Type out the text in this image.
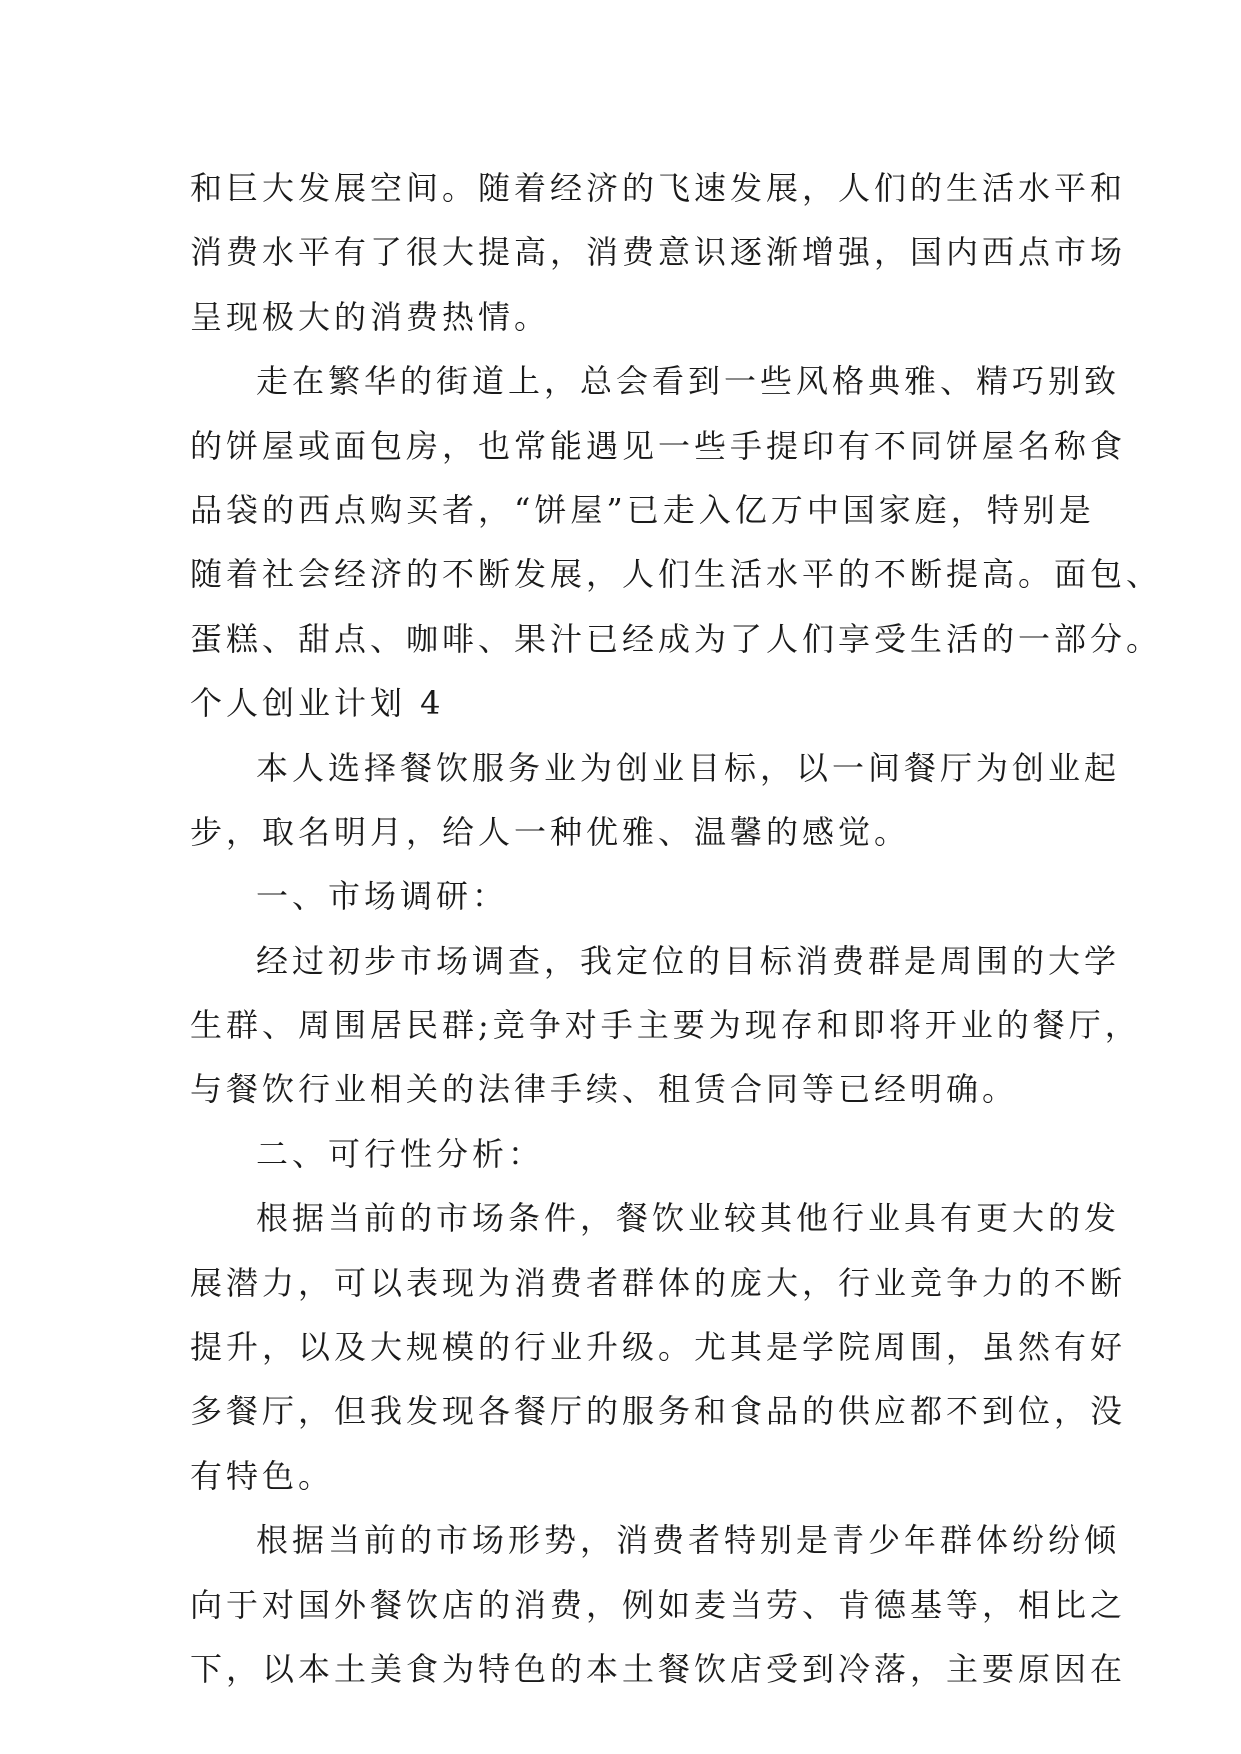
和巨大发展空间。随着经济的飞速发展，人们的生活水平和
消费水平有了很大提高，消费意识逐渐增强，国内西点市场
呈现极大的消费热情。
走在繁华的街道上，总会看到一些风格典雅、精巧别致
的饼屋或面包房，也常能遇见一些手提印有不同饼屋名称食
品袋的西点购买者，“饼屋”已走入亿万中国家庭，特别是
随着社会经济的不断发展，人们生活水平的不断提高。面包、
蛋糕、甜点、咖啡、果汁已经成为了人们享受生活的一部分。
个人创业计划 4
本人选择餐饮服务业为创业目标，以一间餐厅为创业起
步，取名明月，给人一种优雅、温馨的感觉。
一、市场调研：
经过初步市场调查，我定位的目标消费群是周围的大学
生群、周围居民群;竞争对手主要为现存和即将开业的餐厅，
与餐饮行业相关的法律手续、租赁合同等已经明确。
二、可行性分析：
根据当前的市场条件，餐饮业较其他行业具有更大的发
展潜力，可以表现为消费者群体的庞大，行业竞争力的不断
提升，以及大规模的行业升级。尤其是学院周围，虽然有好
多餐厅，但我发现各餐厅的服务和食品的供应都不到位，没
有特色。
根据当前的市场形势，消费者特别是青少年群体纷纷倾
向于对国外餐饮店的消费，例如麦当劳、肯德基等，相比之
下，以本土美食为特色的本土餐饮店受到冷落，主要原因在
